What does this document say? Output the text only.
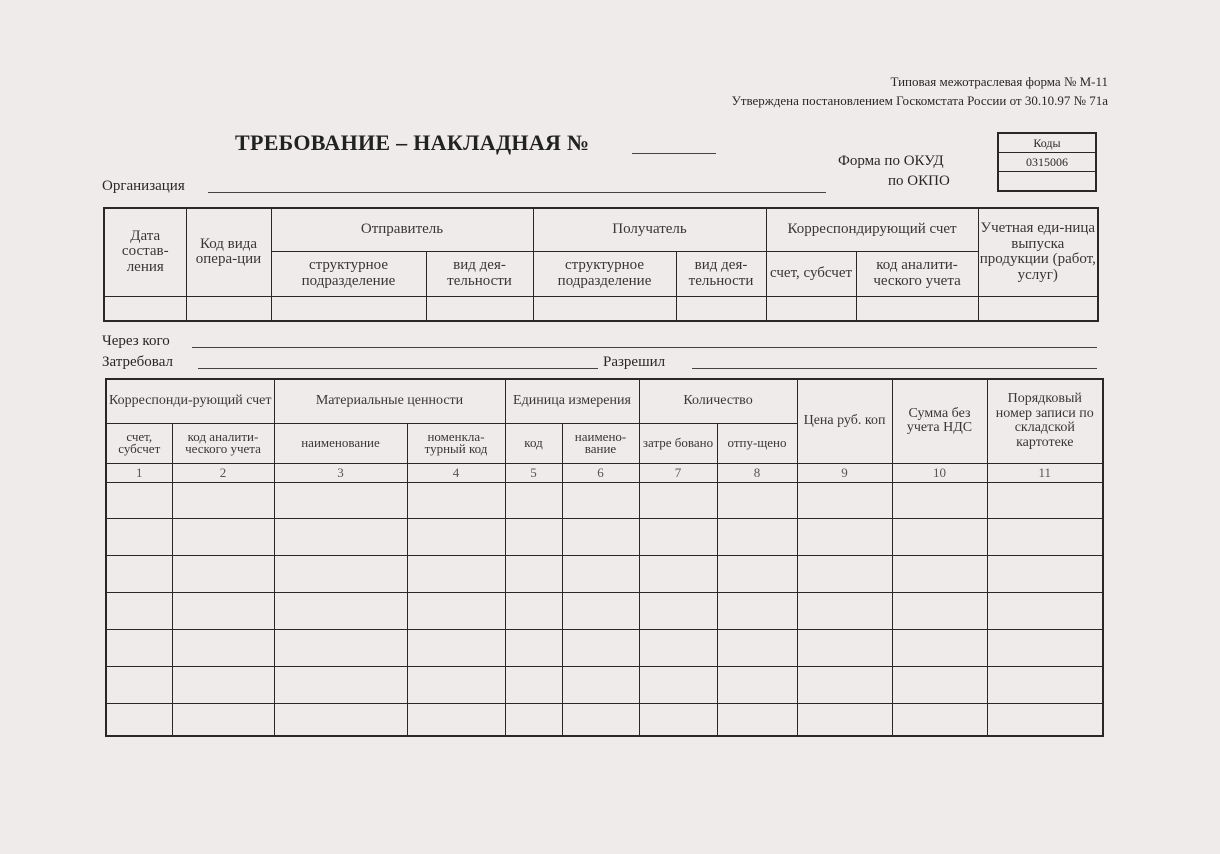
Типовая межотраслевая форма № М-11
Утверждена постановлением Госкомстата России от 30.10.97 № 71а
ТРЕБОВАНИЕ – НАКЛАДНАЯ №
Форма по ОКУД
по ОКПО
Коды
0315006
Организация
Дата состав-ления	Код вида опера-ции	Отправитель		Получатель		Корреспондирующий счет		Учетная еди-ница выпуска продукции (работ, услуг)
		структурное подразделение	вид дея-тельности	структурное подразделение	вид дея-тельности	счет, субсчет	код аналити-ческого учета	

Через кого
Затребовал	Разрешил
Корреспонди-рующий счет		Материальные ценности		Единица измерения		Количество		Цена руб. коп	Сумма без учета НДС	Порядковый номер записи по складской картотеке
счет, субсчет	код аналити-ческого учета	наименование	номенкла-турный код	код	наимено-вание	затре бовано	отпу-щено			
1	2	3	4	5	6	7	8	9	10	11
